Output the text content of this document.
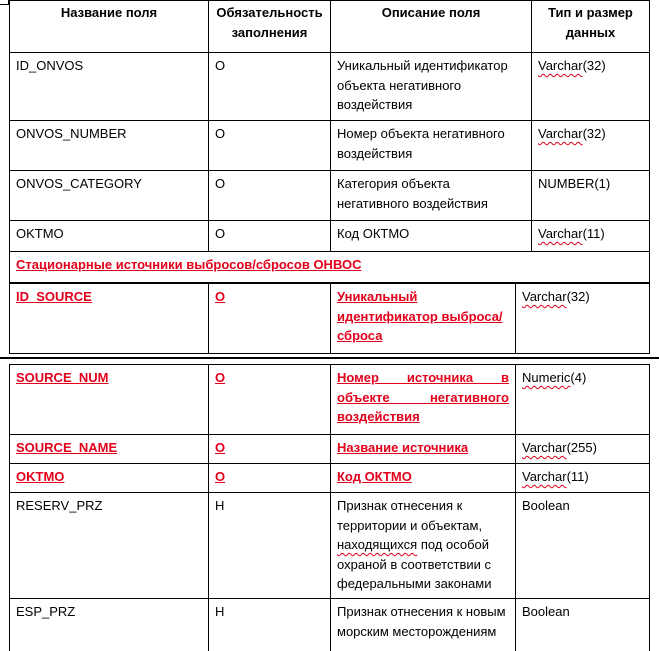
Название поля	Обязательность заполнения	Описание поля	Тип и размер данных
ID_ONVOS	О	Уникальный идентификатор объекта негативного воздействия	Varchar(32)
ONVOS_NUMBER	О	Номер объекта негативного воздействия	Varchar(32)
ONVOS_CATEGORY	О	Категория объекта негативного воздействия	NUMBER(1)
OKTMO	О	Код ОКТМО	Varchar(11)
Стационарные источники выбросов/сбросов ОНВОС			
ID_SOURCE	О	Уникальный идентификатор выброса/сброса	Varchar(32)
SOURCE_NUM	О	Номер источника в объекте негативного воздействия	Numeric(4)
SOURCE_NAME	О	Название источника	Varchar(255)
OKTMO	О	Код ОКТМО	Varchar(11)
RESERV_PRZ	Н	Признак отнесения к территории и объектам, находящихся под особой охраной в соответствии с федеральными законами	Boolean
ESP_PRZ	Н	Признак отнесения к новым морским месторождениям	Boolean
